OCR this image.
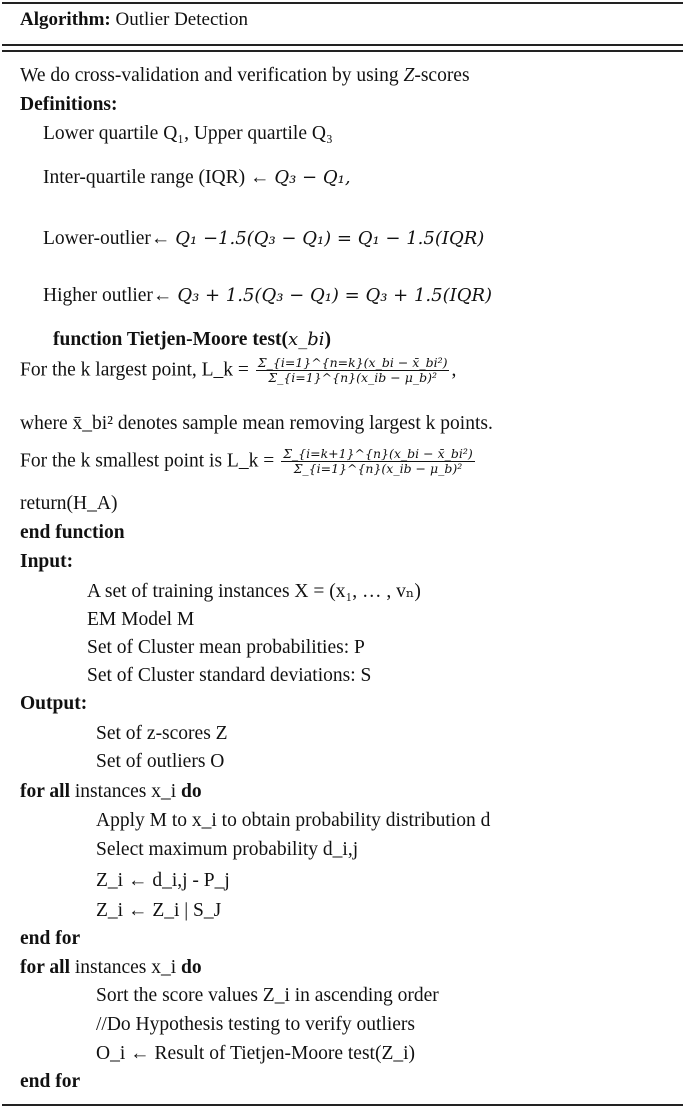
Algorithm: Outlier Detection
We do cross-validation and verification by using Z-scores
Definitions:
Lower quartile Q₁, Upper quartile Q₃
Inter-quartile range (IQR) ← Q₃ − Q₁,
Lower-outlier← Q₁ −1.5(Q₃ − Q₁) = Q₁ − 1.5(IQR)
Higher outlier← Q₃ + 1.5(Q₃ − Q₁) = Q₃ + 1.5(IQR)
function Tietjen-Moore test(x_bi)
For the k largest point, L_k = $\frac{\text{Σ\_\{i=1\}\textasciicircum{}\{n=k\}(x\_bi − x̄\_bi²)}}{\text{Σ\_\{i=1\}\textasciicircum{}\{n\}(x\_ib − μ\_b)²}}$ ,
where x̄_bi² denotes sample mean removing largest k points.
For the k smallest point is L_k = $\frac{\text{Σ\_\{i=k+1\}\textasciicircum{}\{n\}(x\_bi − x̄\_bi²)}}{\text{Σ\_\{i=1\}\textasciicircum{}\{n\}(x\_ib − μ\_b)²}}$
return(H_A)
end function
Input:
A set of training instances X = (x₁, … , vₙ)
EM Model M
Set of Cluster mean probabilities: P
Set of Cluster standard deviations: S
Output:
Set of z-scores Z
Set of outliers O
for all instances x_i do
Apply M to x_i to obtain probability distribution d
Select maximum probability d_i,j
Z_i ← d_i,j - P_j
Z_i ← Z_i | S_J
end for
for all instances x_i do
Sort the score values Z_i in ascending order
//Do Hypothesis testing to verify outliers
O_i ← Result of Tietjen-Moore test(Z_i)
end for
